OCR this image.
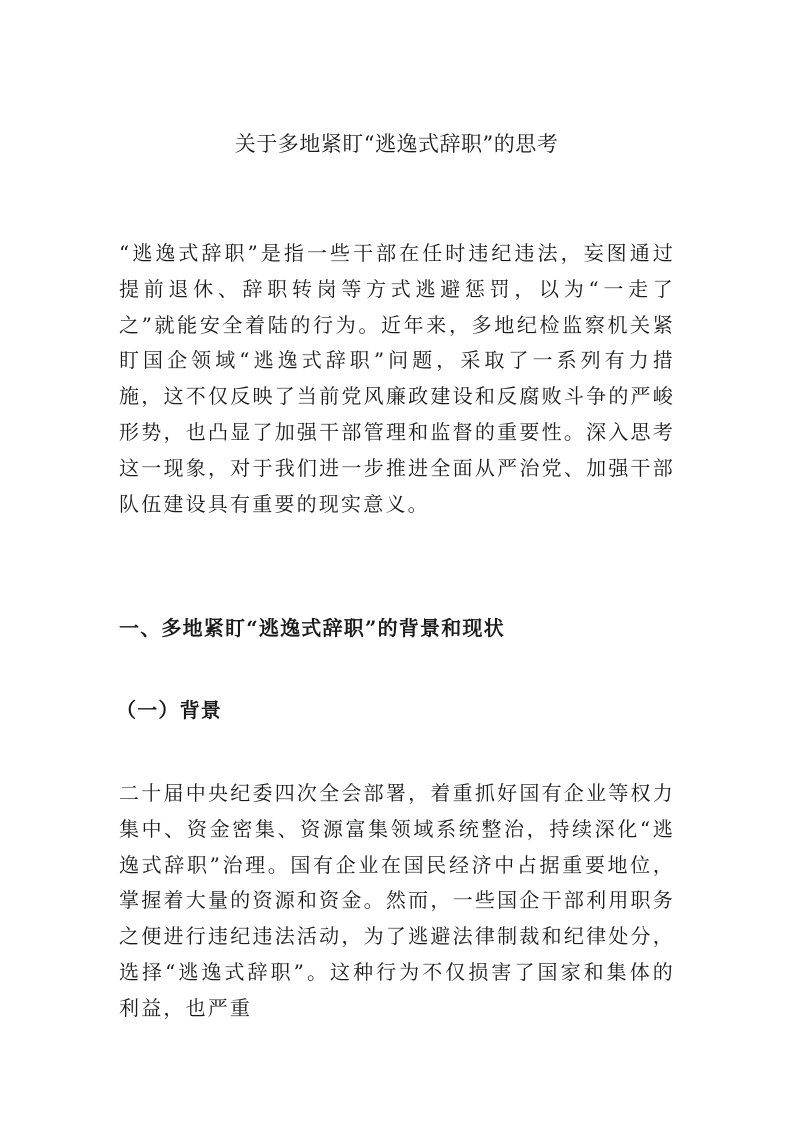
关于多地紧盯“逃逸式辞职”的思考

“逃逸式辞职”是指一些干部在任时违纪违法，妄图通过提前退休、辞职转岗等方式逃避惩罚，以为“一走了之”就能安全着陆的行为。近年来，多地纪检监察机关紧盯国企领域“逃逸式辞职”问题，采取了一系列有力措施，这不仅反映了当前党风廉政建设和反腐败斗争的严峻形势，也凸显了加强干部管理和监督的重要性。深入思考这一现象，对于我们进一步推进全面从严治党、加强干部队伍建设具有重要的现实意义。

一、多地紧盯“逃逸式辞职”的背景和现状
（一）背景

二十届中央纪委四次全会部署，着重抓好国有企业等权力集中、资金密集、资源富集领域系统整治，持续深化“逃逸式辞职”治理。国有企业在国民经济中占据重要地位，掌握着大量的资源和资金。然而，一些国企干部利用职务之便进行违纪违法活动，为了逃避法律制裁和纪律处分，选择“逃逸式辞职”。这种行为不仅损害了国家和集体的利益，也严重
